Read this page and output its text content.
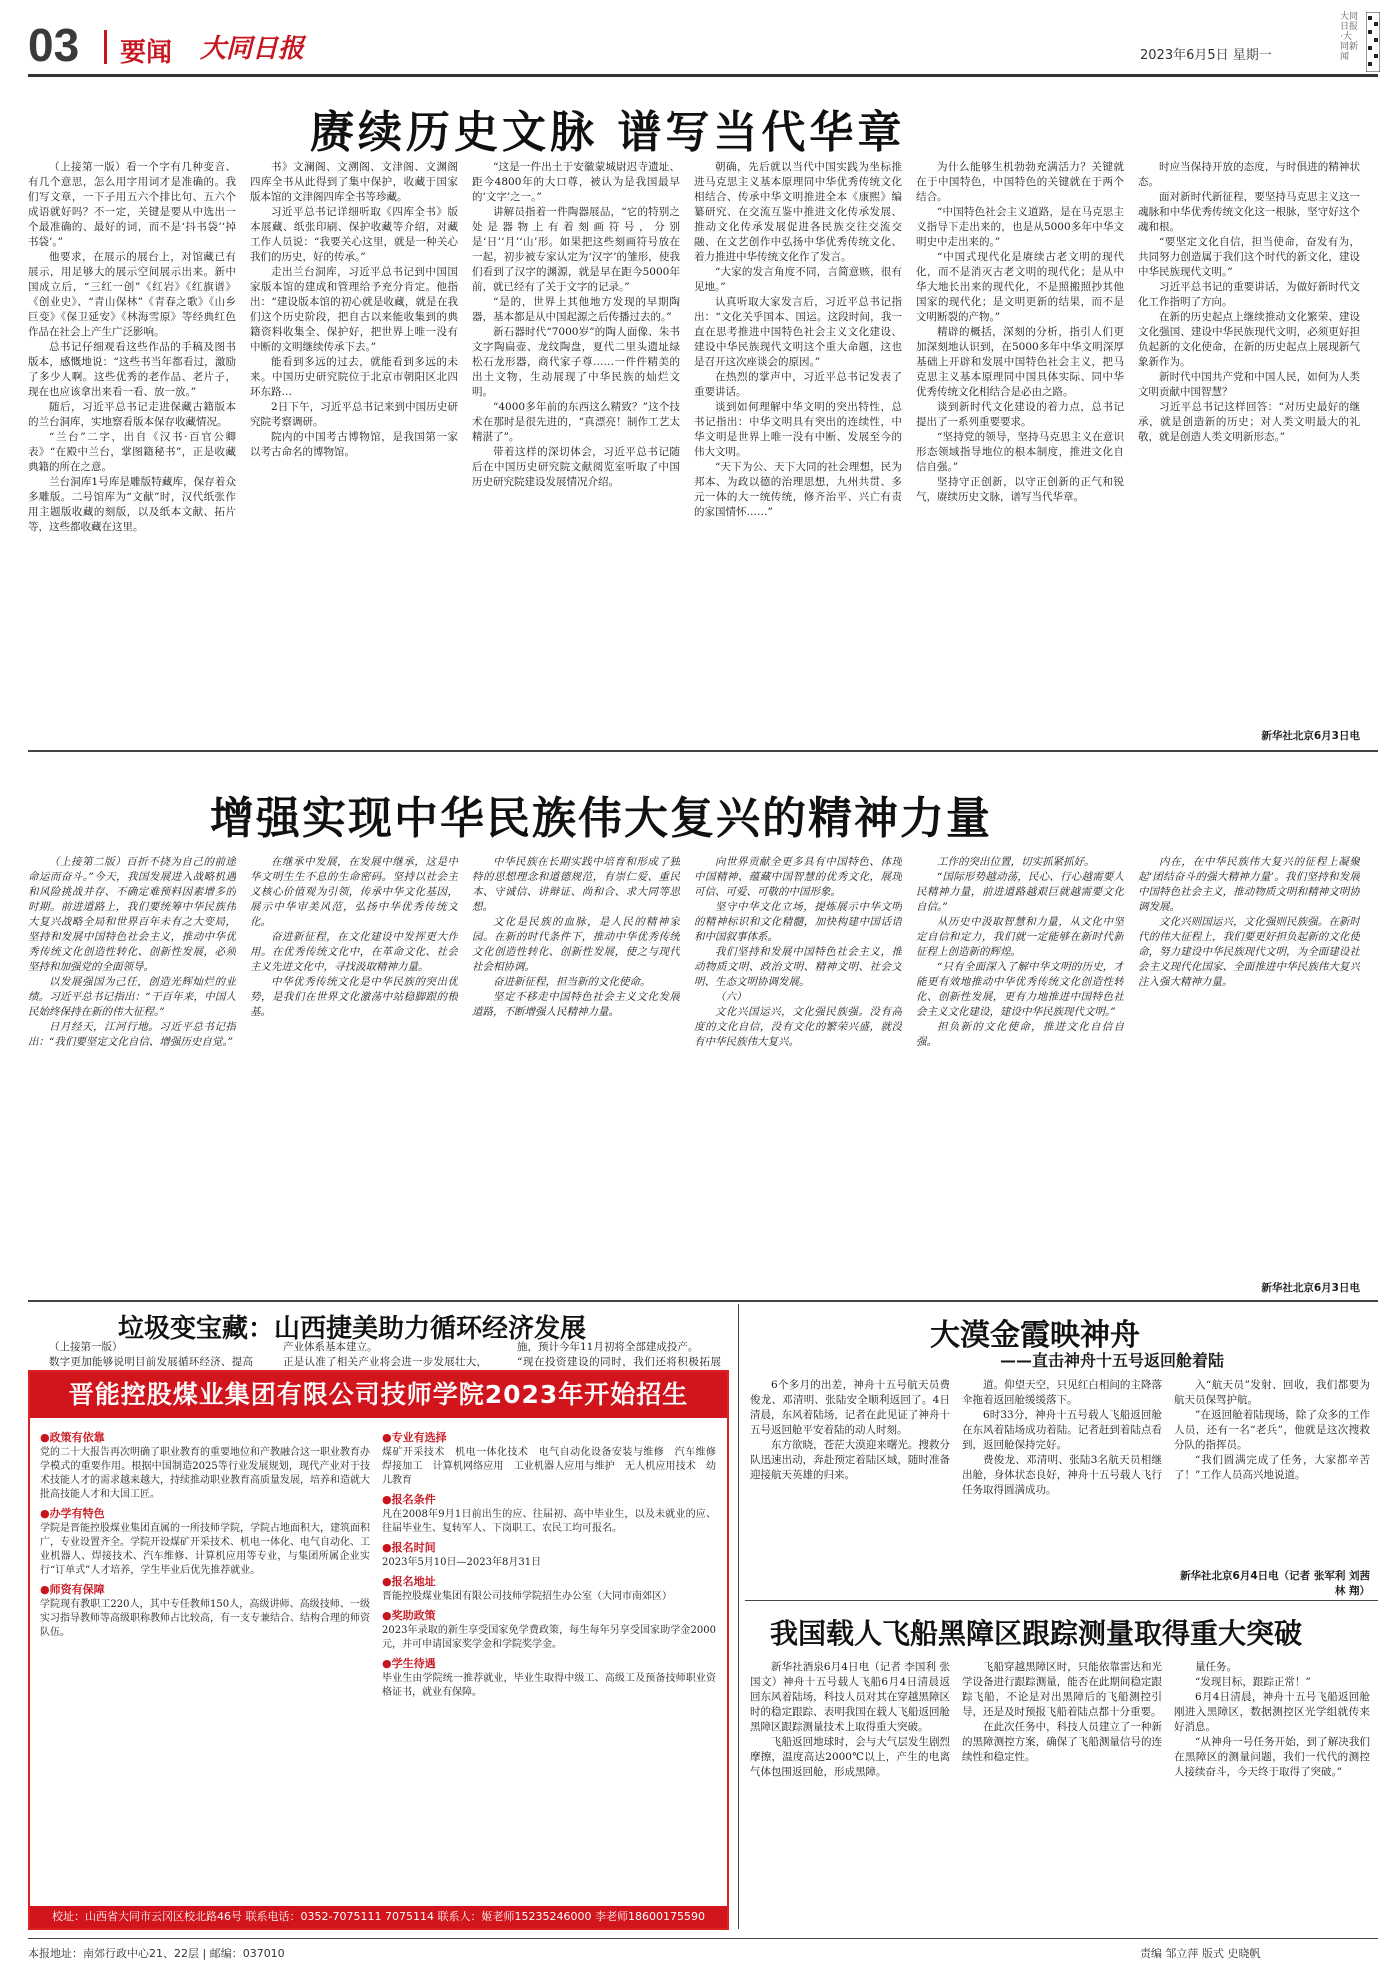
03 要闻 大同日报	2023年6月5日 星期一
大同日报·大同新闻
赓续历史文脉 谱写当代华章

（上接第一版）看一个字有几种变音、有几个意思，怎么用字用词才是准确的。我们写文章，一下子用五六个排比句、五六个成语就好吗？不一定，关键是要从中选出一个最准确的、最好的词，而不是‘抖书袋’‘掉书袋’。”

他要求，在展示的展台上，对馆藏已有展示，用足够大的展示空间展示出来。新中国成立后，“三红一创”《红岩》《红旗谱》《创业史》、“青山保林”《青春之歌》《山乡巨变》《保卫延安》《林海雪原》等经典红色作品在社会上产生广泛影响。

总书记仔细观看这些作品的手稿及图书版本，感慨地说：“这些书当年都看过，激励了多少人啊。这些优秀的老作品、老片子，现在也应该拿出来看一看、放一放。”

随后，习近平总书记走进保藏古籍版本的兰台洞库，实地察看版本保存收藏情况。

“兰台”二字，出自《汉书·百官公卿表》“在殿中兰台，掌图籍秘书”，正是收藏典籍的所在之意。

兰台洞库1号库是雕版特藏库，保存着众多雕版。二号馆库为“文献”时，汉代纸张作用主题版收藏的刻版，以及纸本文献、拓片等，这些都收藏在这里。

书》文澜阁、文溯阁、文津阁、文渊阁四库全书从此得到了集中保护，收藏于国家版本馆的文津阁四库全书等珍藏。

习近平总书记详细听取《四库全书》版本展藏、纸张印刷、保护收藏等介绍，对藏工作人员说：“我要关心这里，就是一种关心我们的历史，好的传承。”

走出兰台洞库，习近平总书记到中国国家版本馆的建成和管理给予充分肯定。他指出：“建设版本馆的初心就是收藏，就是在我们这个历史阶段，把自古以来能收集到的典籍资料收集全、保护好，把世界上唯一没有中断的文明继续传承下去。”

能看到多远的过去，就能看到多远的未来。中国历史研究院位于北京市朝阳区北四环东路…

2日下午，习近平总书记来到中国历史研究院考察调研。

院内的中国考古博物馆，是我国第一家以考古命名的博物馆。

“这是一件出土于安徽蒙城尉迟寺遗址、距今4800年的大口尊，被认为是我国最早的‘文字’之一。”

讲解员指着一件陶器展品，“它的特别之处是器物上有着刻画符号，分别是‘日’‘月’‘山’形。如果把这些刻画符号放在一起，初步被专家认定为‘汉字’的雏形，使我们看到了汉字的渊源，就是早在距今5000年前，就已经有了关于文字的记录。”

“是的，世界上其他地方发现的早期陶器，基本都是从中国起源之后传播过去的。”

新石器时代“7000岁”的陶人面像、朱书文字陶扁壶、龙纹陶盘，夏代二里头遗址绿松石龙形器，商代家子尊……一件件精美的出土文物，生动展现了中华民族的灿烂文明。

“4000多年前的东西这么精致？”这个技术在那时是很先进的，“真漂亮！制作工艺太精湛了”。

带着这样的深切体会，习近平总书记随后在中国历史研究院文献阅览室听取了中国历史研究院建设发展情况介绍。

朝确，先后就以当代中国实践为坐标推进马克思主义基本原理同中华优秀传统文化相结合、传承中华文明推进全本《康熙》编纂研究、在交流互鉴中推进文化传承发展、推动文化传承发展促进各民族交往交流交融、在文艺创作中弘扬中华优秀传统文化、着力推进中华传统文化作了发言。

“大家的发言角度不同，言简意赅，很有见地。”

认真听取大家发言后，习近平总书记指出：“文化关乎国本、国运。这段时间，我一直在思考推进中国特色社会主义文化建设、建设中华民族现代文明这个重大命题，这也是召开这次座谈会的原因。”

在热烈的掌声中，习近平总书记发表了重要讲话。

谈到如何理解中华文明的突出特性，总书记指出：中华文明具有突出的连续性，中华文明是世界上唯一没有中断、发展至今的伟大文明。

“天下为公、天下大同的社会理想，民为邦本、为政以德的治理思想，九州共贯、多元一体的大一统传统，修齐治平、兴亡有责的家国情怀……”

为什么能够生机勃勃充满活力？关键就在于中国特色，中国特色的关键就在于两个结合。

“中国特色社会主义道路，是在马克思主义指导下走出来的，也是从5000多年中华文明史中走出来的。”

“中国式现代化是赓续古老文明的现代化，而不是消灭古老文明的现代化；是从中华大地长出来的现代化，不是照搬照抄其他国家的现代化；是文明更新的结果，而不是文明断裂的产物。”

精辟的概括，深刻的分析，指引人们更加深刻地认识到，在5000多年中华文明深厚基础上开辟和发展中国特色社会主义，把马克思主义基本原理同中国具体实际、同中华优秀传统文化相结合是必由之路。

谈到新时代文化建设的着力点，总书记提出了一系列重要要求。

“坚持党的领导，坚持马克思主义在意识形态领域指导地位的根本制度，推进文化自信自强。”

坚持守正创新，以守正创新的正气和锐气，赓续历史文脉，谱写当代华章。

时应当保持开放的态度，与时俱进的精神状态。

面对新时代新征程，要坚持马克思主义这一魂脉和中华优秀传统文化这一根脉，坚守好这个魂和根。

“要坚定文化自信，担当使命，奋发有为，共同努力创造属于我们这个时代的新文化，建设中华民族现代文明。”

习近平总书记的重要讲话，为做好新时代文化工作指明了方向。

在新的历史起点上继续推动文化繁荣、建设文化强国、建设中华民族现代文明，必须更好担负起新的文化使命，在新的历史起点上展现新气象新作为。

新时代中国共产党和中国人民，如何为人类文明贡献中国智慧？

习近平总书记这样回答：“对历史最好的继承，就是创造新的历史；对人类文明最大的礼敬，就是创造人类文明新形态。”

新华社北京6月3日电
增强实现中华民族伟大复兴的精神力量

（上接第二版）百折不挠为自己的前途命运而奋斗。”今天，我国发展进入战略机遇和风险挑战并存、不确定难预料因素增多的时期。前进道路上，我们要统筹中华民族伟大复兴战略全局和世界百年未有之大变局，坚持和发展中国特色社会主义，推动中华优秀传统文化创造性转化、创新性发展，必须坚持和加强党的全面领导。

以发展强国为己任，创造光辉灿烂的业绩。习近平总书记指出：“干百年来，中国人民始终保持在新的伟大征程。”

日月经天，江河行地。习近平总书记指出：“我们要坚定文化自信、增强历史自觉。”

在继承中发展，在发展中继承，这是中华文明生生不息的生命密码。坚持以社会主义核心价值观为引领，传承中华文化基因，展示中华审美风范，弘扬中华优秀传统文化。

奋进新征程，在文化建设中发挥更大作用。在优秀传统文化中，在革命文化、社会主义先进文化中，寻找汲取精神力量。

中华优秀传统文化是中华民族的突出优势，是我们在世界文化激荡中站稳脚跟的根基。

中华民族在长期实践中培育和形成了独特的思想理念和道德规范，有崇仁爱、重民本、守诚信、讲辩证、尚和合、求大同等思想。

文化是民族的血脉，是人民的精神家园。在新的时代条件下，推动中华优秀传统文化创造性转化、创新性发展，使之与现代社会相协调。

奋进新征程，担当新的文化使命。

坚定不移走中国特色社会主义文化发展道路，不断增强人民精神力量。

向世界贡献全更多具有中国特色、体现中国精神、蕴藏中国智慧的优秀文化，展现可信、可爱、可敬的中国形象。

坚守中华文化立场，提炼展示中华文明的精神标识和文化精髓，加快构建中国话语和中国叙事体系。

我们坚持和发展中国特色社会主义，推动物质文明、政治文明、精神文明、社会文明、生态文明协调发展。

（六）

文化兴国运兴，文化强民族强。没有高度的文化自信，没有文化的繁荣兴盛，就没有中华民族伟大复兴。

工作的突出位置，切实抓紧抓好。

“国际形势越动荡，民心、行心越需要人民精神力量，前进道路越艰巨就越需要文化自信。”

从历史中汲取智慧和力量，从文化中坚定自信和定力，我们就一定能够在新时代新征程上创造新的辉煌。

“只有全面深入了解中华文明的历史，才能更有效地推动中华优秀传统文化创造性转化、创新性发展，更有力地推进中国特色社会主义文化建设，建设中华民族现代文明。”

担负新的文化使命，推进文化自信自强。

内在，在中华民族伟大复兴的征程上凝聚起‘团结奋斗的强大精神力量’。我们坚持和发展中国特色社会主义，推动物质文明和精神文明协调发展。

文化兴则国运兴，文化强则民族强。在新时代的伟大征程上，我们要更好担负起新的文化使命，努力建设中华民族现代文明，为全面建设社会主义现代化国家、全面推进中华民族伟大复兴注入强大精神力量。

新华社北京6月3日电
垃圾变宝藏：山西捷美助力循环经济发展

（上接第一版）

数字更加能够说明目前发展循环经济、提高

产业体系基本建立。

正是认准了相关产业将会进一步发展壮大，

施，预计今年11月初将全部建成投产。

“现在投资建设的同时，我们还将积极拓展

晋能控股煤业集团有限公司技师学院2023年开始招生
●政策有依靠
党的二十大报告再次明确了职业教育的重要地位和产教融合这一职业教育办学模式的重要作用。根据中国制造2025等行业发展规划，现代产业对于技术技能人才的需求越来越大，持续推动职业教育高质量发展，培养和造就大批高技能人才和大国工匠。
●办学有特色
学院是晋能控股煤业集团直属的一所技师学院，学院占地面积大，建筑面积广，专业设置齐全。学院开设煤矿开采技术、机电一体化、电气自动化、工业机器人、焊接技术、汽车维修、计算机应用等专业，与集团所属企业实行“订单式”人才培养，学生毕业后优先推荐就业。
●师资有保障
学院现有教职工220人，其中专任教师150人，高级讲师、高级技师、一级实习指导教师等高级职称教师占比较高，有一支专兼结合、结构合理的师资队伍。
●专业有选择
煤矿开采技术　机电一体化技术　电气自动化设备安装与维修　汽车维修　焊接加工　计算机网络应用　工业机器人应用与维护　无人机应用技术　幼儿教育
●报名条件
凡在2008年9月1日前出生的应、往届初、高中毕业生，以及未就业的应、往届毕业生、复转军人、下岗职工、农民工均可报名。
●报名时间
2023年5月10日—2023年8月31日
●报名地址
晋能控股煤业集团有限公司技师学院招生办公室（大同市南郊区）
●奖助政策
2023年录取的新生享受国家免学费政策，每生每年另享受国家助学金2000元，并可申请国家奖学金和学院奖学金。
●学生待遇
毕业生由学院统一推荐就业，毕业生取得中级工、高级工及预备技师职业资格证书，就业有保障。
校址：山西省大同市云冈区校北路46号 联系电话：0352-7075111 7075114 联系人：姬老师15235246000 李老师18600175590
大漠金霞映神舟
——直击神舟十五号返回舱着陆

6个多月的出差，神舟十五号航天员费俊龙、邓清明、张陆安全顺利返回了。4日清晨，东风着陆场，记者在此见证了神舟十五号返回舱平安着陆的动人时刻。

东方欲晓，苍茫大漠迎来曙光。搜救分队迅速出动，奔赴预定着陆区域，随时准备迎接航天英雄的归来。

道。仰望天空，只见红白相间的主降落伞拖着返回舱缓缓落下。

6时33分，神舟十五号载人飞船返回舱在东风着陆场成功着陆。记者赶到着陆点看到，返回舱保持完好。

费俊龙、邓清明、张陆3名航天员相继出舱，身体状态良好，神舟十五号载人飞行任务取得圆满成功。

入“航天员”发射、回收，我们都要为航天员保驾护航。

”在返回舱着陆现场，除了众多的工作人员，还有一名“老兵”，他就是这次搜救分队的指挥员。

“我们圆满完成了任务，大家都辛苦了！”工作人员高兴地说道。

新华社北京6月4日电（记者 张军利 刘茜 林 翔）
我国载人飞船黑障区跟踪测量取得重大突破

新华社酒泉6月4日电（记者 李国利 张国文）神舟十五号载人飞船6月4日清晨返回东风着陆场，科技人员对其在穿越黑障区时的稳定跟踪、表明我国在载人飞船返回舱黑障区跟踪测量技术上取得重大突破。

飞船返回地球时，会与大气层发生剧烈摩擦，温度高达2000℃以上，产生的电离气体包围返回舱，形成黑障。

飞船穿越黑障区时，只能依靠雷达和光学设备进行跟踪测量，能否在此期间稳定跟踪飞船，不论是对出黑障后的飞船测控引导，还是及时预报飞船着陆点都十分重要。

在此次任务中，科技人员建立了一种新的黑障测控方案，确保了飞船测量信号的连续性和稳定性。

量任务。

“发现目标，跟踪正常！”

6月4日清晨，神舟十五号飞船返回舱刚进入黑障区，数据测控区光学组就传来好消息。

“从神舟一号任务开始，到了解决我们在黑障区的测量问题，我们一代代的测控人接续奋斗，今天终于取得了突破。”

本报地址：南郊行政中心21、22层 | 邮编：037010	责编 邹立萍 版式 史晓帆
